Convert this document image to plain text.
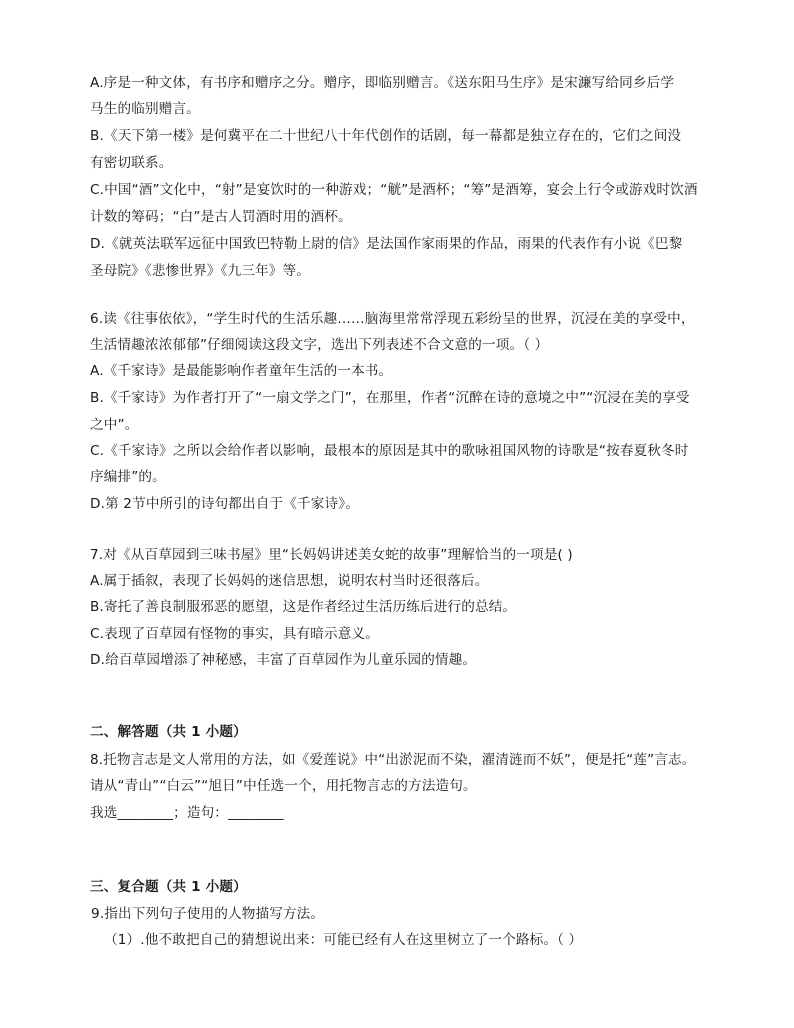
A.序是一种文体，有书序和赠序之分。赠序，即临别赠言。《送东阳马生序》是宋濂写给同乡后学
马生的临别赠言。
B.《天下第一楼》是何冀平在二十世纪八十年代创作的话剧，每一幕都是独立存在的，它们之间没
有密切联系。
C.中国“酒”文化中，“射”是宴饮时的一种游戏；“觥”是酒杯；“筹”是酒筹，宴会上行令或游戏时饮酒
计数的筹码；“白”是古人罚酒时用的酒杯。
D.《就英法联军远征中国致巴特勒上尉的信》是法国作家雨果的作品，雨果的代表作有小说《巴黎
圣母院》《悲惨世界》《九三年》等。
6.读《往事依依》，“学生时代的生活乐趣……脑海里常常浮现五彩纷呈的世界，沉浸在美的享受中，
生活情趣浓浓郁郁”仔细阅读这段文字，选出下列表述不合文意的一项。（ ）
A.《千家诗》是最能影响作者童年生活的一本书。
B.《千家诗》为作者打开了“一扇文学之门”，在那里，作者“沉醉在诗的意境之中”“沉浸在美的享受
之中”。
C.《千家诗》之所以会给作者以影响，最根本的原因是其中的歌咏祖国风物的诗歌是“按春夏秋冬时
序编排”的。
D.第 2节中所引的诗句都出自于《千家诗》。
7.对《从百草园到三味书屋》里“长妈妈讲述美女蛇的故事”理解恰当的一项是( )
A.属于插叙，表现了长妈妈的迷信思想，说明农村当时还很落后。
B.寄托了善良制服邪恶的愿望，这是作者经过生活历练后进行的总结。
C.表现了百草园有怪物的事实，具有暗示意义。
D.给百草园增添了神秘感，丰富了百草园作为儿童乐园的情趣。
二、解答题（共 1 小题）
8.托物言志是文人常用的方法，如《爱莲说》中“出淤泥而不染，濯清涟而不妖”，便是托“莲”言志。
请从“青山”“白云”“旭日”中任选一个，用托物言志的方法造句。
我选________；造句：________
三、复合题（共 1 小题）
9.指出下列句子使用的人物描写方法。
（1）.他不敢把自己的猜想说出来：可能已经有人在这里树立了一个路标。（ ）
